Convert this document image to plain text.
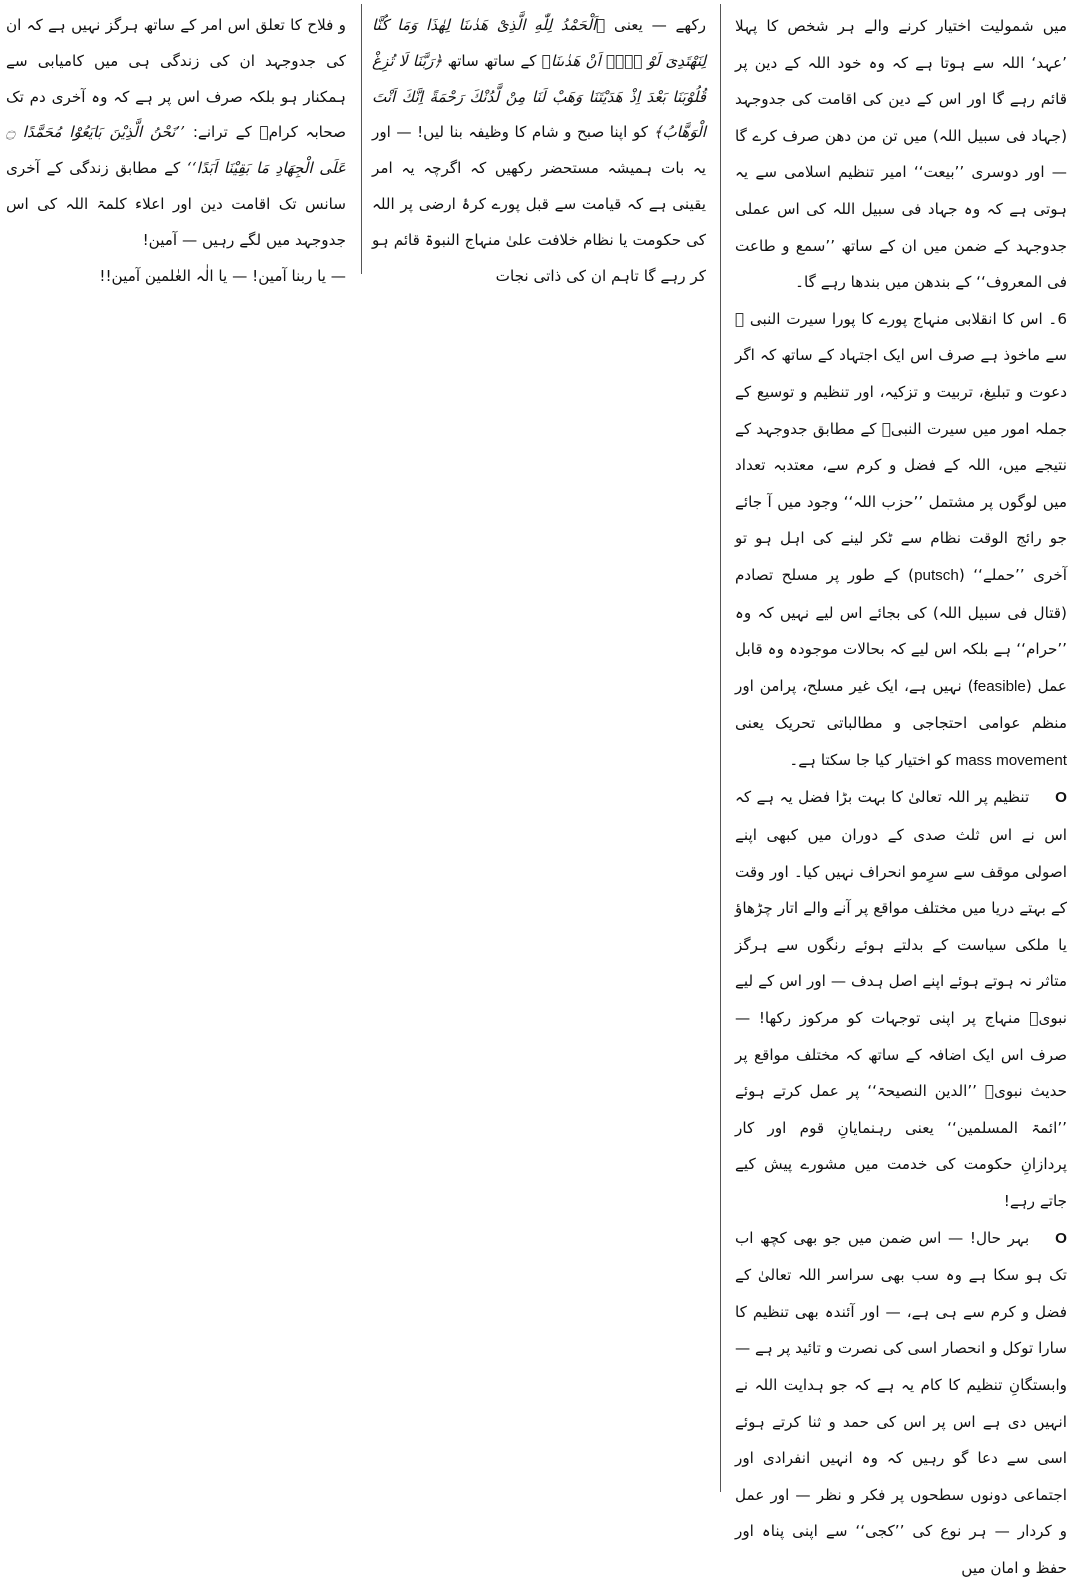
میں شمولیت اختیار کرنے والے ہر شخص کا پہلا ’عہد‘ اللہ سے ہوتا ہے کہ وہ خود اللہ کے دین پر قائم رہے گا اور اس کے دین کی اقامت کی جدوجہد (جہاد فی سبیل اللہ) میں تن من دھن صرف کرے گا — اور دوسری ’’بیعت‘‘ امیر تنظیم اسلامی سے یہ ہوتی ہے کہ وہ جہاد فی سبیل اللہ کی اس عملی جدوجہد کے ضمن میں ان کے ساتھ ’’سمع و طاعت فی المعروف‘‘ کے بندھن میں بندھا رہے گا۔

6۔ اس کا انقلابی منہاج پورے کا پورا سیرت النبی ﷺ سے ماخوذ ہے صرف اس ایک اجتہاد کے ساتھ کہ اگر دعوت و تبلیغ، تربیت و تزکیہ، اور تنظیم و توسیع کے جملہ امور میں سیرت النبیؐ کے مطابق جدوجہد کے نتیجے میں، اللہ کے فضل و کرم سے، معتدبہ تعداد میں لوگوں پر مشتمل ’’حزب اللہ‘‘ وجود میں آ جائے جو رائج الوقت نظام سے ٹکر لینے کی اہل ہو تو آخری ’’حملے‘‘ (putsch) کے طور پر مسلح تصادم (قتال فی سبیل اللہ) کی بجائے اس لیے نہیں کہ وہ ’’حرام‘‘ ہے بلکہ اس لیے کہ بحالات موجودہ وہ قابل عمل (feasible) نہیں ہے، ایک غیر مسلح، پرامن اور منظم عوامی احتجاجی و مطالباتی تحریک یعنی mass movement کو اختیار کیا جا سکتا ہے۔

Oتنظیم پر اللہ تعالیٰ کا بہت بڑا فضل یہ ہے کہ اس نے اس ثلث صدی کے دوران میں کبھی اپنے اصولی موقف سے سرِمو انحراف نہیں کیا۔ اور وقت کے بہتے دریا میں مختلف مواقع پر آنے والے اتار چڑھاؤ یا ملکی سیاست کے بدلتے ہوئے رنگوں سے ہرگز متاثر نہ ہوتے ہوئے اپنے اصل ہدف — اور اس کے لیے نبویؐ منہاج پر اپنی توجہات کو مرکوز رکھا! — صرف اس ایک اضافہ کے ساتھ کہ مختلف مواقع پر حدیث نبویؐ ’’الدین النصیحۃ‘‘ پر عمل کرتے ہوئے ’’ائمۃ المسلمین‘‘ یعنی رہنمایانِ قوم اور کار پردازانِ حکومت کی خدمت میں مشورے پیش کیے جاتے رہے!

Oبہر حال! — اس ضمن میں جو بھی کچھ اب تک ہو سکا ہے وہ سب بھی سراسر اللہ تعالیٰ کے فضل و کرم سے ہی ہے، — اور آئندہ بھی تنظیم کا سارا توکل و انحصار اسی کی نصرت و تائید پر ہے — وابستگانِ تنظیم کا کام یہ ہے کہ جو ہدایت اللہ نے انہیں دی ہے اس پر اس کی حمد و ثنا کرتے ہوئے اسی سے دعا گو رہیں کہ وہ انہیں انفرادی اور اجتماعی دونوں سطحوں پر فکر و نظر — اور عمل و کردار — ہر نوع کی ’’کجی‘‘ سے اپنی پناہ اور حفظ و امان میں

رکھے — یعنی ﴿اَلْحَمْدُ لِلّٰهِ الَّذِیْ هَدٰىنَا لِهٰذَا وَمَا كُنَّا لِنَهْتَدِیَ لَوْ لَاۤ اَنْ هَدٰىنَا﴾ کے ساتھ ساتھ ﴿رَبَّنَا لَا تُزِغْ قُلُوْبَنَا بَعْدَ اِذْ هَدَیْتَنَا وَهَبْ لَنَا مِنْ لَّدُنْكَ رَحْمَةً اِنَّكَ اَنْتَ الْوَهَّابُ﴾ کو اپنا صبح و شام کا وظیفہ بنا لیں! — اور یہ بات ہمیشہ مستحضر رکھیں کہ اگرچہ یہ امر یقینی ہے کہ قیامت سے قبل پورے کرۂ ارضی پر اللہ کی حکومت یا نظام خلافت علیٰ منہاج النبوۃ قائم ہو کر رہے گا تاہم ان کی ذاتی نجات

و فلاح کا تعلق اس امر کے ساتھ ہرگز نہیں ہے کہ ان کی جدوجہد ان کی زندگی ہی میں کامیابی سے ہمکنار ہو بلکہ صرف اس پر ہے کہ وہ آخری دم تک صحابہ کرامؓ کے ترانے: ’’نَحْنُ الَّذِیْنَ بَایَعُوْا مُحَمَّدًا ۝ عَلَی الْجِهَادِ مَا بَقِیْنَا اَبَدًا‘‘ کے مطابق زندگی کے آخری سانس تک اقامت دین اور اعلاء کلمۃ اللہ کی اس جدوجہد میں لگے رہیں — آمین!

— یا ربنا آمین! — یا الٰہ العٰلمین آمین!!
